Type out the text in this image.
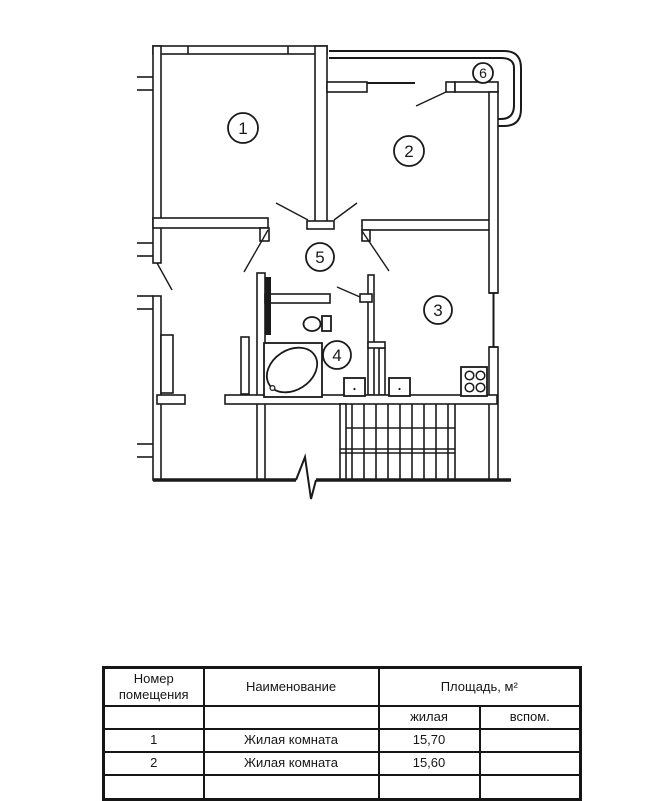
1
2
3
4
5
6
Номер помещения	Наименование	Площадь, м²	
		жилая	вспом.
1	Жилая комната	15,70	
2	Жилая комната	15,60	
